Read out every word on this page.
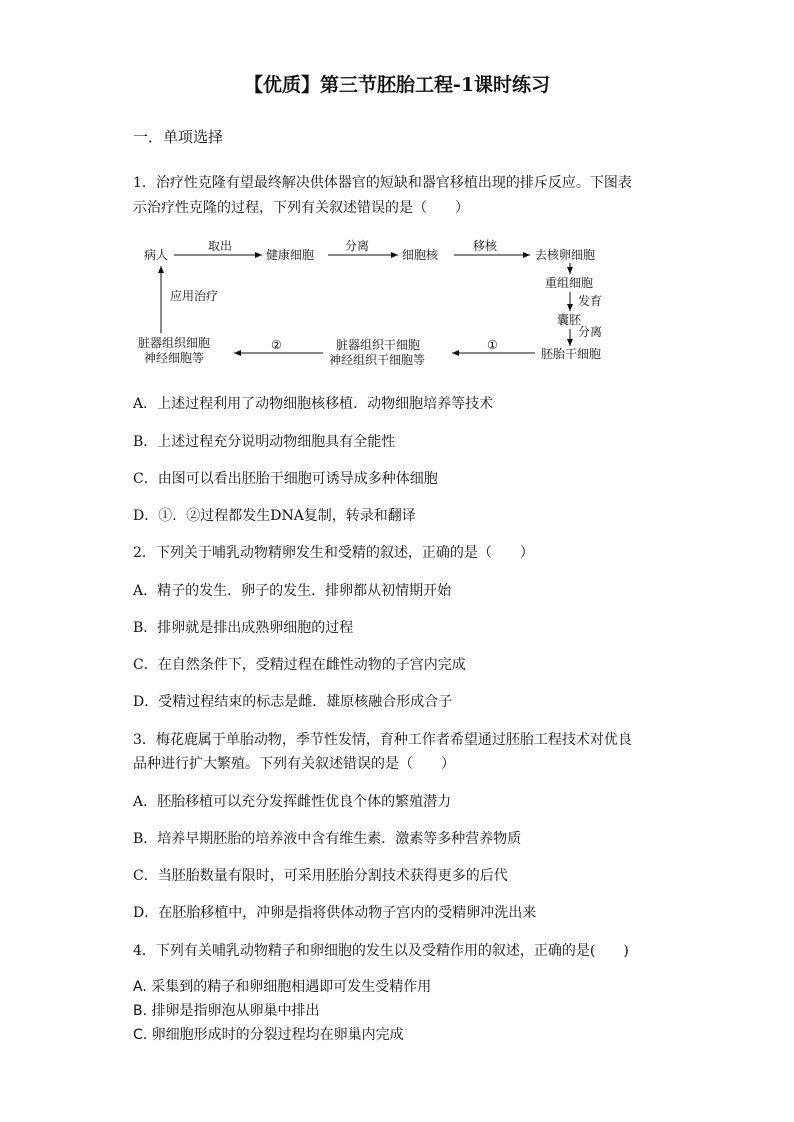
【优质】第三节胚胎工程-1课时练习
一．单项选择
1．治疗性克隆有望最终解决供体器官的短缺和器官移植出现的排斥反应。下图表
示治疗性克隆的过程，下列有关叙述错误的是（　　）
病人
取出
健康细胞
分离
细胞核
移核
去核卵细胞
重组细胞
发育
囊胚
分离
胚胎干细胞
①
脏器组织干细胞
神经组织干细胞等
②
脏器组织细胞
神经细胞等
应用治疗
A．上述过程利用了动物细胞核移植．动物细胞培养等技术
B．上述过程充分说明动物细胞具有全能性
C．由图可以看出胚胎干细胞可诱导成多种体细胞
D．①．②过程都发生DNA复制，转录和翻译
2．下列关于哺乳动物精卵发生和受精的叙述，正确的是（　　）
A．精子的发生．卵子的发生．排卵都从初情期开始
B．排卵就是排出成熟卵细胞的过程
C．在自然条件下，受精过程在雌性动物的子宫内完成
D．受精过程结束的标志是雌．雄原核融合形成合子
3．梅花鹿属于单胎动物，季节性发情，育种工作者希望通过胚胎工程技术对优良
品种进行扩大繁殖。下列有关叙述错误的是（　　）
A．胚胎移植可以充分发挥雌性优良个体的繁殖潜力
B．培养早期胚胎的培养液中含有维生素．激素等多种营养物质
C．当胚胎数量有限时，可采用胚胎分割技术获得更多的后代
D．在胚胎移植中，冲卵是指将供体动物子宫内的受精卵冲洗出来
4．下列有关哺乳动物精子和卵细胞的发生以及受精作用的叙述，正确的是(　　)
A. 采集到的精子和卵细胞相遇即可发生受精作用
B. 排卵是指卵泡从卵巢中排出
C. 卵细胞形成时的分裂过程均在卵巢内完成
